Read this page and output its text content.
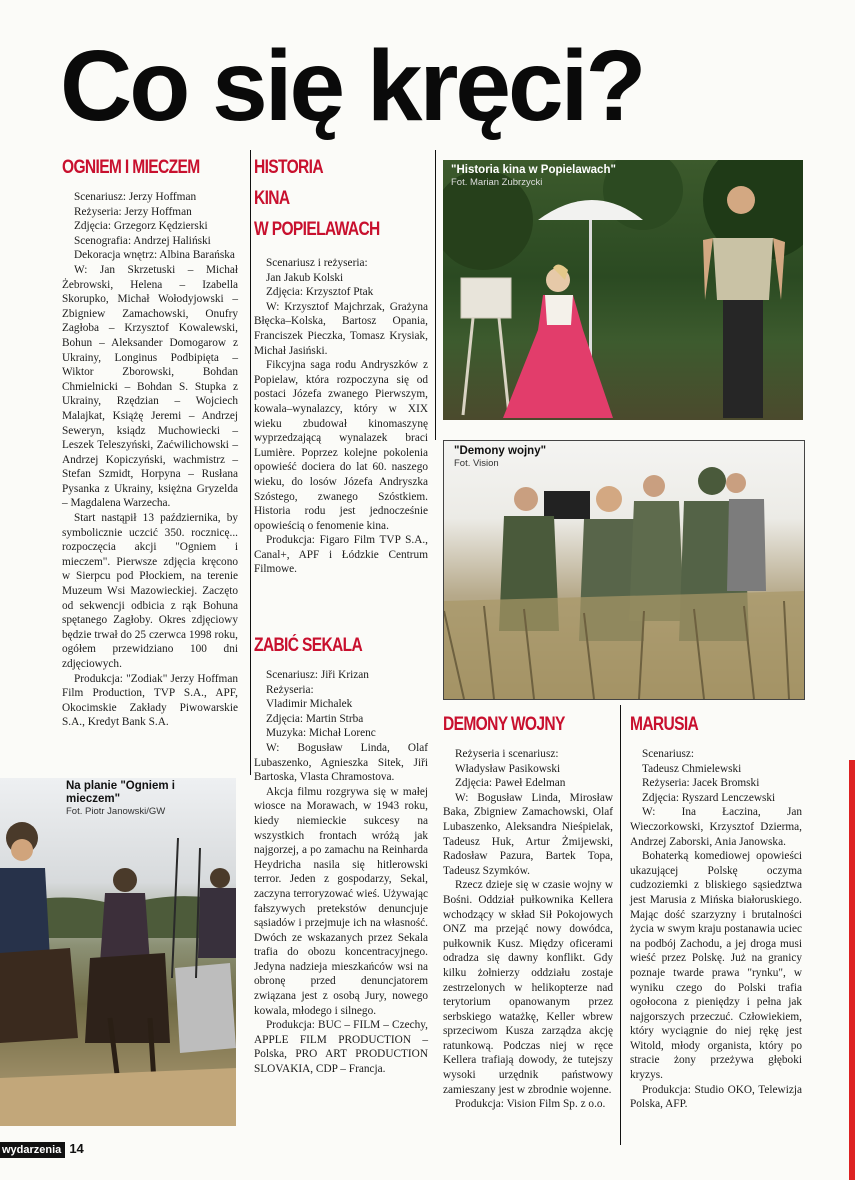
Co się kręci?
OGNIEM I MIECZEM

Scenariusz: Jerzy Hoffman

Reżyseria: Jerzy Hoffman

Zdjęcia: Grzegorz Kędzierski

Scenografia: Andrzej Haliński

Dekoracja wnętrz: Albina Barańska

W: Jan Skrzetuski – Michał Żebrowski, Helena – Izabella Skorupko, Michał Wołodyjowski – Zbigniew Zamachowski, Onufry Zagłoba – Krzysztof Kowalewski, Bohun – Aleksander Domogarow z Ukrainy, Longinus Podbipięta – Wiktor Zborowski, Bohdan Chmielnicki – Bohdan S. Stupka z Ukrainy, Rzędzian – Wojciech Malajkat, Książę Jeremi – Andrzej Seweryn, ksiądz Muchowiecki – Leszek Teleszyński, Zaćwilichowski – Andrzej Kopiczyński, wachmistrz – Stefan Szmidt, Horpyna – Rusłana Pysanka z Ukrainy, księżna Gryzelda – Magdalena Warzecha.

Start nastąpił 13 października, by symbolicznie uczcić 350. rocznicę... rozpoczęcia akcji "Ogniem i mieczem". Pierwsze zdjęcia kręcono w Sierpcu pod Płockiem, na terenie Muzeum Wsi Mazowieckiej. Zaczęto od sekwencji odbicia z rąk Bohuna spętanego Zagłoby. Okres zdjęciowy będzie trwał do 25 czerwca 1998 roku, ogółem przewidziano 100 dni zdjęciowych.

Produkcja: "Zodiak" Jerzy Hoffman Film Production, TVP S.A., APF, Okocimskie Zakłady Piwowarskie S.A., Kredyt Bank S.A.

HISTORIA
KINA
W POPIELAWACH

Scenariusz i reżyseria:

Jan Jakub Kolski

Zdjęcia: Krzysztof Ptak

W: Krzysztof Majchrzak, Grażyna Błęcka–Kolska, Bartosz Opania, Franciszek Pieczka, Tomasz Krysiak, Michał Jasiński.

Fikcyjna saga rodu Andryszków z Popielaw, która rozpoczyna się od postaci Józefa zwanego Pierwszym, kowala–wynalazcy, który w XIX wieku zbudował kinomaszynę wyprzedzającą wynalazek braci Lumière. Poprzez kolejne pokolenia opowieść dociera do lat 60. naszego wieku, do losów Józefa Andryszka Szóstego, zwanego Szóstkiem. Historia rodu jest jednocześnie opowieścią o fenomenie kina.

Produkcja: Figaro Film TVP S.A., Canal+, APF i Łódzkie Centrum Filmowe.

ZABIĆ SEKALA

Scenariusz: Jiři Krizan

Reżyseria:

Vladimir Michalek

Zdjęcia: Martin Strba

Muzyka: Michał Lorenc

W: Bogusław Linda, Olaf Lubaszenko, Agnieszka Sitek, Jiři Bartoska, Vlasta Chramostova.

Akcja filmu rozgrywa się w małej wiosce na Morawach, w 1943 roku, kiedy niemieckie sukcesy na wszystkich frontach wróżą jak najgorzej, a po zamachu na Reinharda Heydricha nasila się hitlerowski terror. Jeden z gospodarzy, Sekal, zaczyna terroryzować wieś. Używając fałszywych pretekstów denuncjuje sąsiadów i przejmuje ich na własność. Dwóch ze wskazanych przez Sekala trafia do obozu koncentracyjnego. Jedyna nadzieja mieszkańców wsi na obronę przed denuncjatorem związana jest z osobą Jury, nowego kowala, młodego i silnego.

Produkcja: BUC – FILM – Czechy, APPLE FILM PRODUCTION – Polska, PRO ART PRODUCTION SLOVAKIA, CDP – Francja.

DEMONY WOJNY

Reżyseria i scenariusz:

Władysław Pasikowski

Zdjęcia: Paweł Edelman

W: Bogusław Linda, Mirosław Baka, Zbigniew Zamachowski, Olaf Lubaszenko, Aleksandra Nieśpielak, Tadeusz Huk, Artur Żmijewski, Radosław Pazura, Bartek Topa, Tadeusz Szymków.

Rzecz dzieje się w czasie wojny w Bośni. Oddział pułkownika Kellera wchodzący w skład Sił Pokojowych ONZ ma przejąć nowy dowódca, pułkownik Kusz. Między oficerami odradza się dawny konflikt. Gdy kilku żołnierzy oddziału zostaje zestrzelonych w helikopterze nad terytorium opanowanym przez serbskiego watażkę, Keller wbrew sprzeciwom Kusza zarządza akcję ratunkową. Podczas niej w ręce Kellera trafiają dowody, że tutejszy wysoki urzędnik państwowy zamieszany jest w zbrodnie wojenne.

Produkcja: Vision Film Sp. z o.o.

MARUSIA

Scenariusz:

Tadeusz Chmielewski

Reżyseria: Jacek Bromski

Zdjęcia: Ryszard Lenczewski

W: Ina Łaczina, Jan Wieczorkowski, Krzysztof Dzierma, Andrzej Zaborski, Ania Janowska.

Bohaterką komediowej opowieści ukazującej Polskę oczyma cudzoziemki z bliskiego sąsiedztwa jest Marusia z Mińska białoruskiego. Mając dość szarzyzny i brutalności życia w swym kraju postanawia uciec na podbój Zachodu, a jej droga musi wieść przez Polskę. Już na granicy poznaje twarde prawa "rynku", w wyniku czego do Polski trafia ogołocona z pieniędzy i pełna jak najgorszych przeczuć. Człowiekiem, który wyciągnie do niej rękę jest Witold, młody organista, który po stracie żony przeżywa głęboki kryzys.

Produkcja: Studio OKO, Telewizja Polska, AFP.

"Historia kina w Popielawach"
Fot. Marian Zubrzycki
"Demony wojny"
Fot. Vision
Na planie "Ogniem i mieczem"
Fot. Piotr Janowski/GW
wydarzenia 14
